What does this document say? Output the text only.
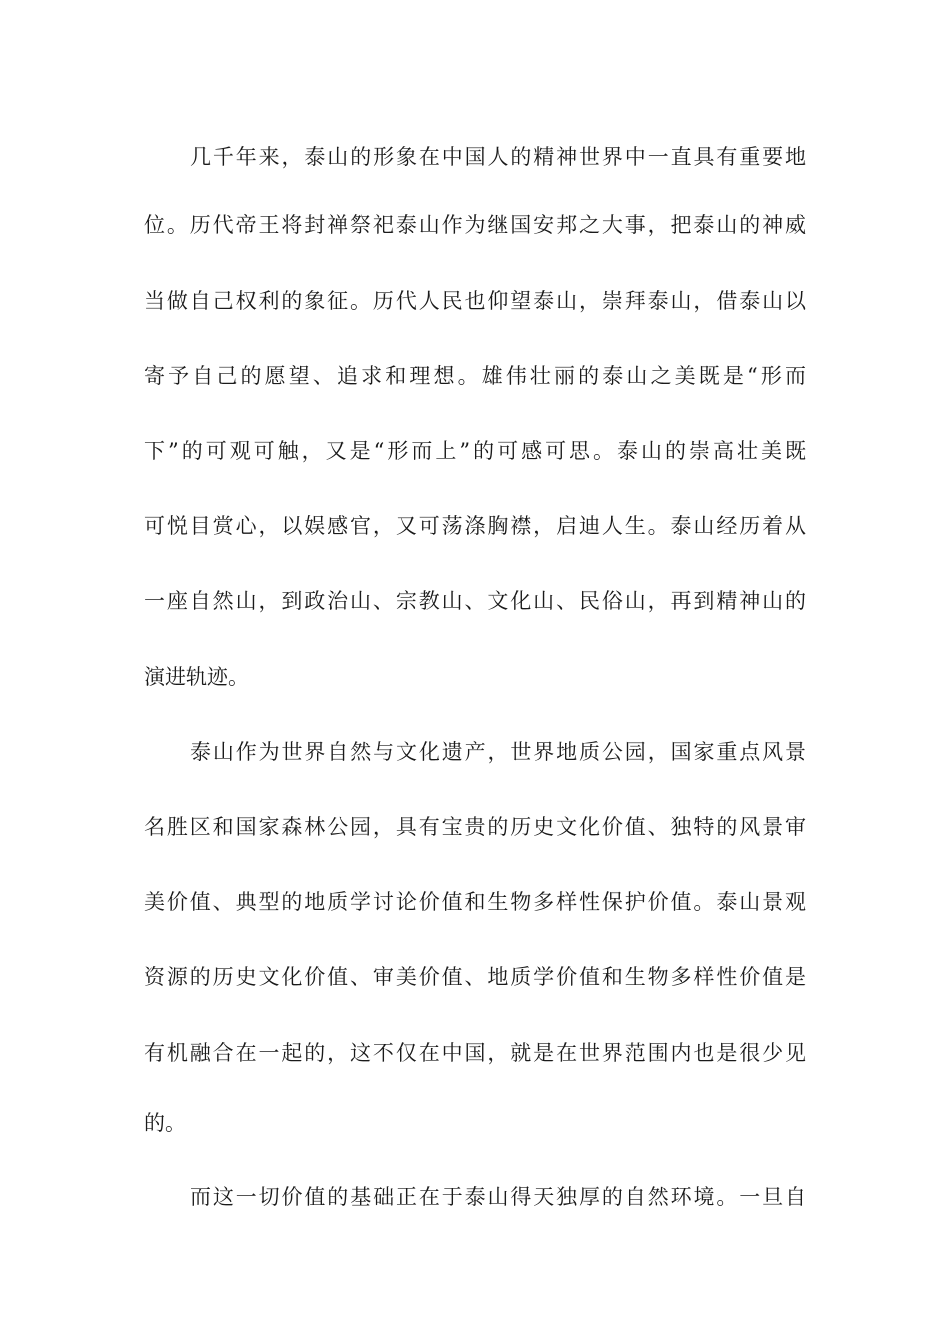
几千年来，泰山的形象在中国人的精神世界中一直具有重要地
位。历代帝王将封禅祭祀泰山作为继国安邦之大事，把泰山的神威
当做自己权利的象征。历代人民也仰望泰山，崇拜泰山，借泰山以
寄予自己的愿望、追求和理想。雄伟壮丽的泰山之美既是“形而
下”的可观可触，又是“形而上”的可感可思。泰山的崇高壮美既
可悦目赏心，以娱感官，又可荡涤胸襟，启迪人生。泰山经历着从
一座自然山，到政治山、宗教山、文化山、民俗山，再到精神山的
演进轨迹。
泰山作为世界自然与文化遗产，世界地质公园，国家重点风景
名胜区和国家森林公园，具有宝贵的历史文化价值、独特的风景审
美价值、典型的地质学讨论价值和生物多样性保护价值。泰山景观
资源的历史文化价值、审美价值、地质学价值和生物多样性价值是
有机融合在一起的，这不仅在中国，就是在世界范围内也是很少见
的。
而这一切价值的基础正在于泰山得天独厚的自然环境。一旦自
